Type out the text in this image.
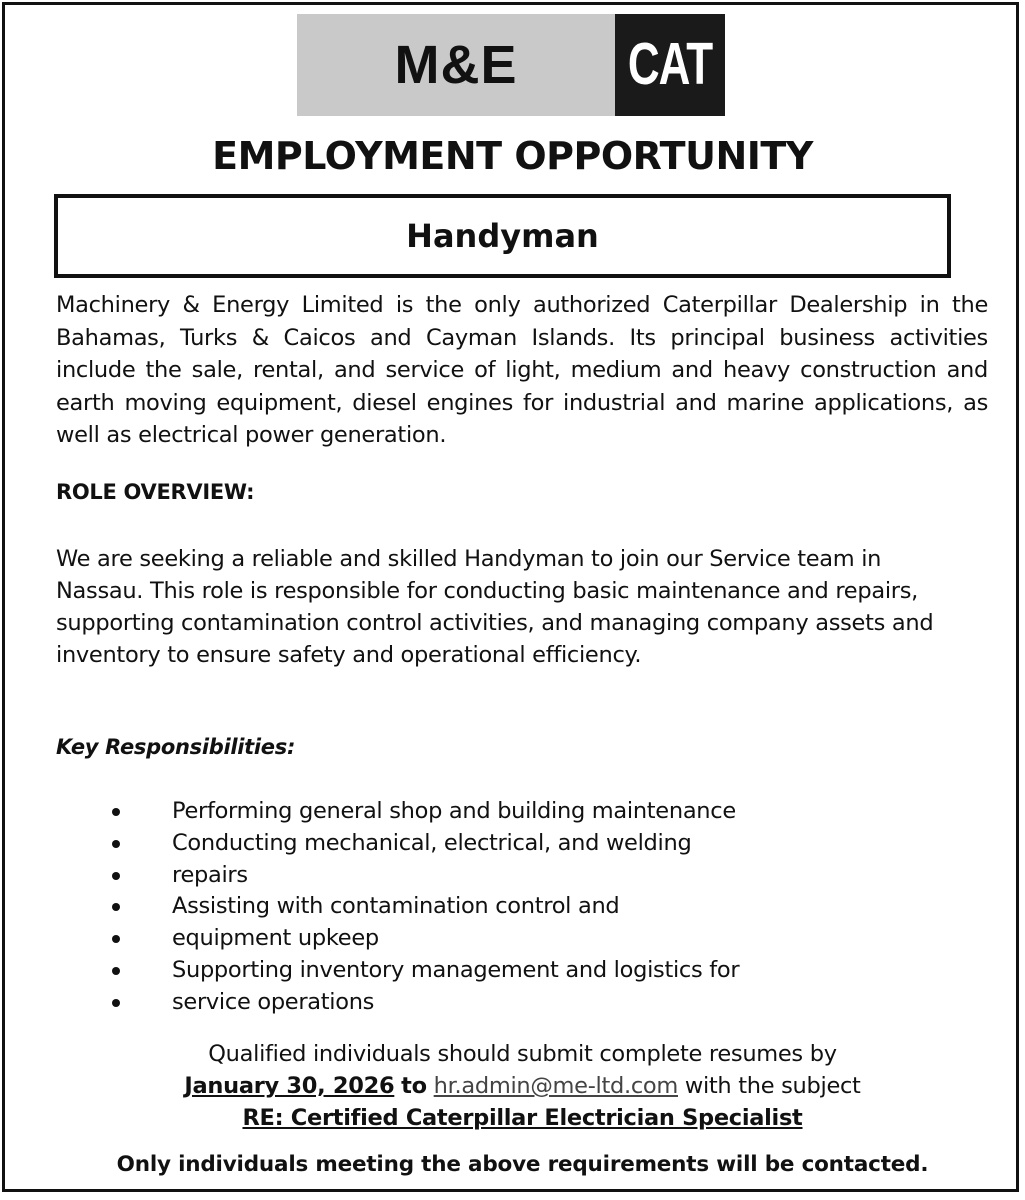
M&E	CAT
EMPLOYMENT OPPORTUNITY
Handyman
Machinery & Energy Limited is the only authorized Caterpillar Dealership in the Bahamas, Turks & Caicos and Cayman Islands. Its principal business activities include the sale, rental, and service of light, medium and heavy construction and earth moving equipment, diesel engines for industrial and marine applications, as well as electrical power generation.
ROLE OVERVIEW:
We are seeking a reliable and skilled Handyman to join our Service team in Nassau. This role is responsible for conducting basic maintenance and repairs, supporting contamination control activities, and managing company assets and inventory to ensure safety and operational efficiency.
Key Responsibilities:
Performing general shop and building maintenance
Conducting mechanical, electrical, and welding
repairs
Assisting with contamination control and
equipment upkeep
Supporting inventory management and logistics for
service operations
Qualified individuals should submit complete resumes by
January 30, 2026 to hr.admin@me-ltd.com with the subject
RE: Certified Caterpillar Electrician Specialist
Only individuals meeting the above requirements will be contacted.
